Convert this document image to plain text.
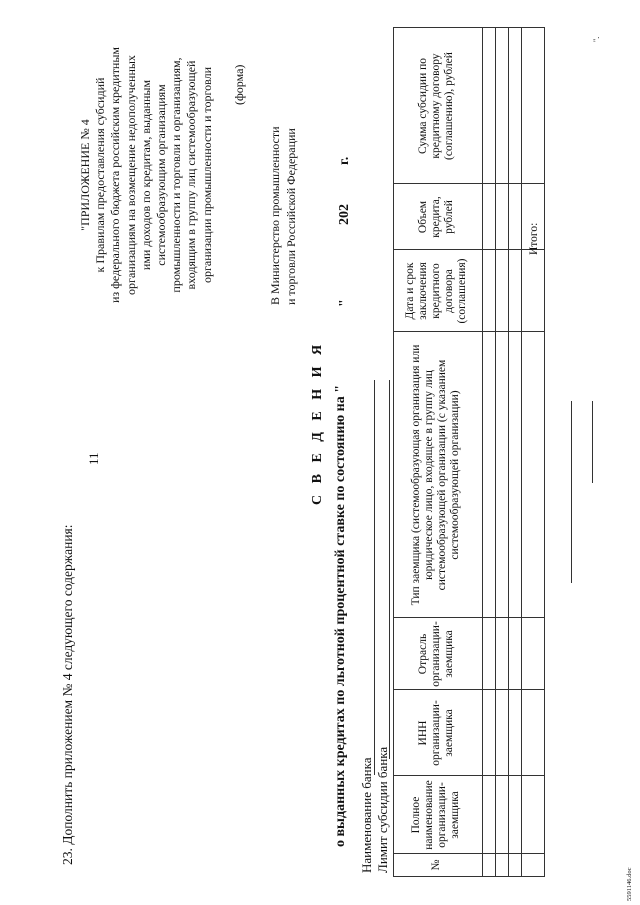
11
23. Дополнить приложением № 4 следующего содержания:
"ПРИЛОЖЕНИЕ № 4 к Правилам предоставления субсидий из федерального бюджета российским кредитным организациям на возмещение недополученных ими доходов по кредитам, выданным системообразующим организациям промышленности и торговли и организациям, входящим в группу лиц системообразующей организации промышленности и торговли (форма)
В Министерство промышленности и торговли Российской Федерации	"
202
г.
С В Е Д Е Н И Я о выданных кредитах по льготной процентной ставке по состоянию на "
Наименование банка Лимит субсидии банка
".
№
Полное наименование организации-заемщика
ИНН организации-заемщика
Отрасль организации-заемщика
Тип заемщика (системообразующая организация или юридическое лицо, входящее в группу лиц системообразующей организации (с указанием системообразующей организации)
Дата и срок заключения кредитного договора (соглашения)
Объем кредита, рублей
Сумма субсидии по кредитному договору (соглашению), рублей
Итого:
5591146.doc
